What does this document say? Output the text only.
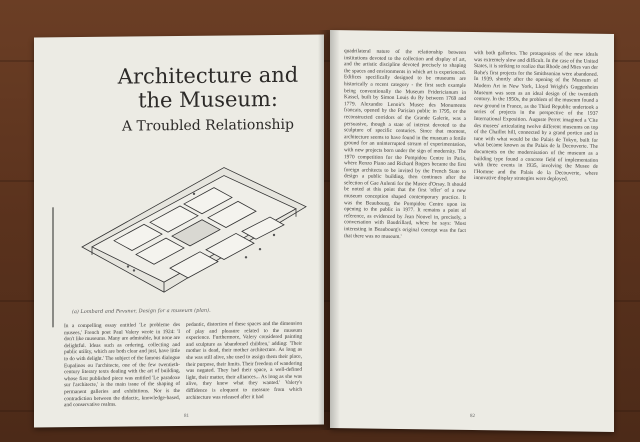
Architecture and
the Museum:
A Troubled Relationship
(a) Lombard and Pevsner, Design for a museum (plan).
In a compelling essay entitled 'Le probleme des musees,' French poet Paul Valery wrote in 1924: 'I don't like museums. Many are admirable, but none are delightful. Ideas such as ordering, collecting and public utility, which are both clear and just, have little to do with delight.' The subject of the famous dialogue Eupalinos ou l'architecte, one of the few twentieth-century literary texts dealing with the art of building, whose first published piece was entitled 'Le paradoxe sur l'architecte,' is the main issue of the shaping of permanent galleries and exhibitions. Nor is the contradiction between the didactic, knowledge-based, and conservative realms.
pedantic, distortion of these spaces and the dimension of play and pleasure related to the museum experience. Furthermore, Valery considered painting and sculpture as 'abandoned children,' adding: 'Their mother is dead, their mother architecture. As long as she was still alive, she used to assign them their place, their purpose, their limits. Their freedom of wandering was negated. They had their space, a well-defined light, their matter, their alliances... As long as she was alive, they knew what they wanted.' Valery's diffidence is eloquent to measure from which architecture was released after it had
81
quadrilateral nature of the relationship between institutions devoted to the collection and display of art, and the artistic discipline devoted precisely to shaping the spaces and environments in which art is experienced. Edifices specifically designed to be museums are historically a recent category - the first such example being conventionally the Museum Fridericianum in Kassel, built by Simon Louis du Ry between 1769 and 1779. Alexandre Lenoir's Musee des Monuments francais, opened by the Parisian public in 1795, or the reconstructed corridors of the Grande Galerie, was a persuasive, though a state of interest devoted to the sculpture of specific centuries. Since that moment, architecture seems to have found in the museum a fertile ground for an uninterrupted stream of experimentation, with new projects born under the sign of modernity. The 1970 competition for the Pompidou Centre in Paris, where Renzo Piano and Richard Rogers became the first foreign architects to be invited by the French State to design a public building, then continues after the selection of Gae Aulenti for the Musee d'Orsay. It should be noted at this point that the first 'offer' of a new museum conception shaped contemporary practice. It was the Beaubourg, the Pompidou Centre upon its opening to the public in 1977. It remains a point of reference, as evidenced by Jean Nouvel in, precisely, a conversation with Baudrillard, where he says: 'Most interesting in Beaubourg's original concept was the fact that there was no museum.'
with both galleries. The protagonists of the new ideals was extremely slow and difficult. In the case of the United States, it is striking to realize that Rhode and Mies van der Rohe's first projects for the Smithsonian were abandoned. In 1939, shortly after the opening of the Museum of Modern Art in New York, Lloyd Wright's Guggenheim Museum was seen as an ideal design of the twentieth century. In the 1950s, the problem of the museum found a new ground in France, as the Third Republic undertook a series of projects in the perspective of the 1937 International Exposition. Auguste Perret imagined a 'Cite des musees' articulating twelve different museums on top of the Chaillot hill, connected by a grand portico and in tune with what would be the Palais de Tokyo, built for what became known as the Palais de la Decouverte. The documents on the modernisation of the museum as a building type found a concrete field of implementation with three events in 1935, involving the Musee de l'Homme and the Palais de la Decouverte, where innovative display strategies were deployed.
82
